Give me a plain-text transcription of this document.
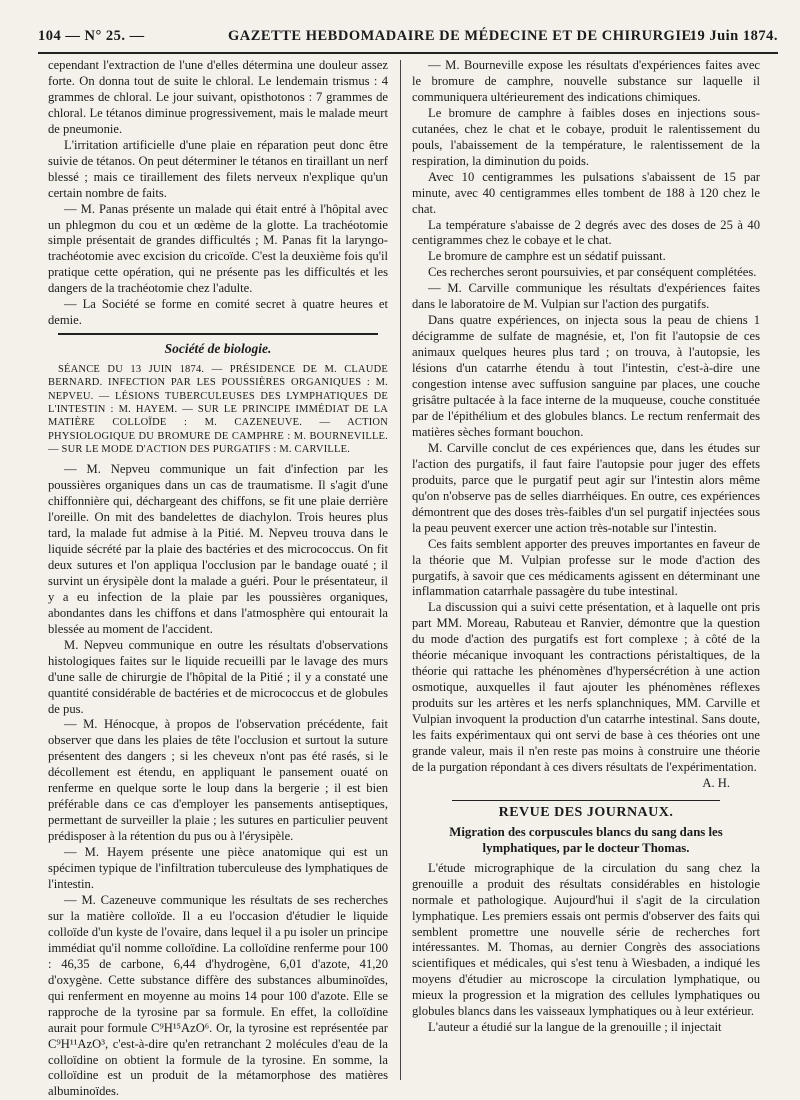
104 — N° 25. —	GAZETTE HEBDOMADAIRE DE MÉDECINE ET DE CHIRURGIE.
19 Juin 1874.

cependant l'extraction de l'une d'elles détermina une douleur assez forte. On donna tout de suite le chloral. Le lendemain trismus : 4 grammes de chloral. Le jour suivant, opisthotonos : 7 grammes de chloral. Le tétanos diminue progressivement, mais le malade meurt de pneumonie.

L'irritation artificielle d'une plaie en réparation peut donc être suivie de tétanos. On peut déterminer le tétanos en tiraillant un nerf blessé ; mais ce tiraillement des filets nerveux n'explique qu'un certain nombre de faits.

— M. Panas présente un malade qui était entré à l'hôpital avec un phlegmon du cou et un œdème de la glotte. La trachéotomie simple présentait de grandes difficultés ; M. Panas fit la laryngo-trachéotomie avec excision du cricoïde. C'est la deuxième fois qu'il pratique cette opération, qui ne présente pas les difficultés et les dangers de la trachéotomie chez l'adulte.

— La Société se forme en comité secret à quatre heures et demie.

Société de biologie.
SÉANCE DU 13 JUIN 1874. — PRÉSIDENCE DE M. CLAUDE BERNARD. INFECTION PAR LES POUSSIÈRES ORGANIQUES : M. NEPVEU. — LÉSIONS TUBERCULEUSES DES LYMPHATIQUES DE L'INTESTIN : M. HAYEM. — SUR LE PRINCIPE IMMÉDIAT DE LA MATIÈRE COLLOÏDE : M. CAZENEUVE. — ACTION PHYSIOLOGIQUE DU BROMURE DE CAMPHRE : M. BOURNEVILLE. — SUR LE MODE D'ACTION DES PURGATIFS : M. CARVILLE.

— M. Nepveu communique un fait d'infection par les poussières organiques dans un cas de traumatisme. Il s'agit d'une chiffonnière qui, déchargeant des chiffons, se fit une plaie derrière l'oreille. On mit des bandelettes de diachylon. Trois heures plus tard, la malade fut admise à la Pitié. M. Nepveu trouva dans le liquide sécrété par la plaie des bactéries et des micrococcus. On fit deux sutures et l'on appliqua l'occlusion par le bandage ouaté ; il survint un érysipèle dont la malade a guéri. Pour le présentateur, il y a eu infection de la plaie par les poussières organiques, abondantes dans les chiffons et dans l'atmosphère qui entourait la blessée au moment de l'accident.

M. Nepveu communique en outre les résultats d'observations histologiques faites sur le liquide recueilli par le lavage des murs d'une salle de chirurgie de l'hôpital de la Pitié ; il y a constaté une quantité considérable de bactéries et de micrococcus et de globules de pus.

— M. Hénocque, à propos de l'observation précédente, fait observer que dans les plaies de tête l'occlusion et surtout la suture présentent des dangers ; si les cheveux n'ont pas été rasés, si le décollement est étendu, en appliquant le pansement ouaté on renferme en quelque sorte le loup dans la bergerie ; il est bien préférable dans ce cas d'employer les pansements antiseptiques, permettant de surveiller la plaie ; les sutures en particulier peuvent prédisposer à la rétention du pus ou à l'érysipèle.

— M. Hayem présente une pièce anatomique qui est un spécimen typique de l'infiltration tuberculeuse des lymphatiques de l'intestin.

— M. Cazeneuve communique les résultats de ses recherches sur la matière colloïde. Il a eu l'occasion d'étudier le liquide colloïde d'un kyste de l'ovaire, dans lequel il a pu isoler un principe immédiat qu'il nomme colloïdine. La colloïdine renferme pour 100 : 46,35 de carbone, 6,44 d'hydrogène, 6,01 d'azote, 41,20 d'oxygène. Cette substance diffère des substances albuminoïdes, qui renferment en moyenne au moins 14 pour 100 d'azote. Elle se rapproche de la tyrosine par sa formule. En effet, la colloïdine aurait pour formule C⁹H¹⁵AzO⁶. Or, la tyrosine est représentée par C⁹H¹¹AzO³, c'est-à-dire qu'en retranchant 2 molécules d'eau de la colloïdine on obtient la formule de la tyrosine. En somme, la colloïdine est un produit de la métamorphose des matières albuminoïdes.

— M. Bourneville expose les résultats d'expériences faites avec le bromure de camphre, nouvelle substance sur laquelle il communiquera ultérieurement des indications chimiques.

Le bromure de camphre à faibles doses en injections sous-cutanées, chez le chat et le cobaye, produit le ralentissement du pouls, l'abaissement de la température, le ralentissement de la respiration, la diminution du poids.

Avec 10 centigrammes les pulsations s'abaissent de 15 par minute, avec 40 centigrammes elles tombent de 188 à 120 chez le chat.

La température s'abaisse de 2 degrés avec des doses de 25 à 40 centigrammes chez le cobaye et le chat.

Le bromure de camphre est un sédatif puissant.

Ces recherches seront poursuivies, et par conséquent complétées.

— M. Carville communique les résultats d'expériences faites dans le laboratoire de M. Vulpian sur l'action des purgatifs.

Dans quatre expériences, on injecta sous la peau de chiens 1 décigramme de sulfate de magnésie, et, l'on fit l'autopsie de ces animaux quelques heures plus tard ; on trouva, à l'autopsie, les lésions d'un catarrhe étendu à tout l'intestin, c'est-à-dire une congestion intense avec suffusion sanguine par places, une couche grisâtre pultacée à la face interne de la muqueuse, couche constituée par de l'épithélium et des globules blancs. Le rectum renfermait des matières sèches formant bouchon.

M. Carville conclut de ces expériences que, dans les études sur l'action des purgatifs, il faut faire l'autopsie pour juger des effets produits, parce que le purgatif peut agir sur l'intestin alors même qu'on n'observe pas de selles diarrhéiques. En outre, ces expériences démontrent que des doses très-faibles d'un sel purgatif injectées sous la peau peuvent exercer une action très-notable sur l'intestin.

Ces faits semblent apporter des preuves importantes en faveur de la théorie que M. Vulpian professe sur le mode d'action des purgatifs, à savoir que ces médicaments agissent en déterminant une inflammation catarrhale passagère du tube intestinal.

La discussion qui a suivi cette présentation, et à laquelle ont pris part MM. Moreau, Rabuteau et Ranvier, démontre que la question du mode d'action des purgatifs est fort complexe ; à côté de la théorie mécanique invoquant les contractions péristaltiques, de la théorie qui rattache les phénomènes d'hypersécrétion à une action osmotique, auxquelles il faut ajouter les phénomènes réflexes produits sur les artères et les nerfs splanchniques, MM. Carville et Vulpian invoquent la production d'un catarrhe intestinal. Sans doute, les faits expérimentaux qui ont servi de base à ces théories ont une grande valeur, mais il n'en reste pas moins à construire une théorie de la purgation répondant à ces divers résultats de l'expérimentation.

A. H.

REVUE DES JOURNAUX.
Migration des corpuscules blancs du sang dans les lymphatiques, par le docteur Thomas.

L'étude micrographique de la circulation du sang chez la grenouille a produit des résultats considérables en histologie normale et pathologique. Aujourd'hui il s'agit de la circulation lymphatique. Les premiers essais ont permis d'observer des faits qui semblent promettre une nouvelle série de recherches fort intéressantes. M. Thomas, au dernier Congrès des associations scientifiques et médicales, qui s'est tenu à Wiesbaden, a indiqué les moyens d'étudier au microscope la circulation lymphatique, ou mieux la progression et la migration des cellules lymphatiques ou globules blancs dans les vaisseaux lymphatiques ou à leur extérieur.

L'auteur a étudié sur la langue de la grenouille ; il injectait
